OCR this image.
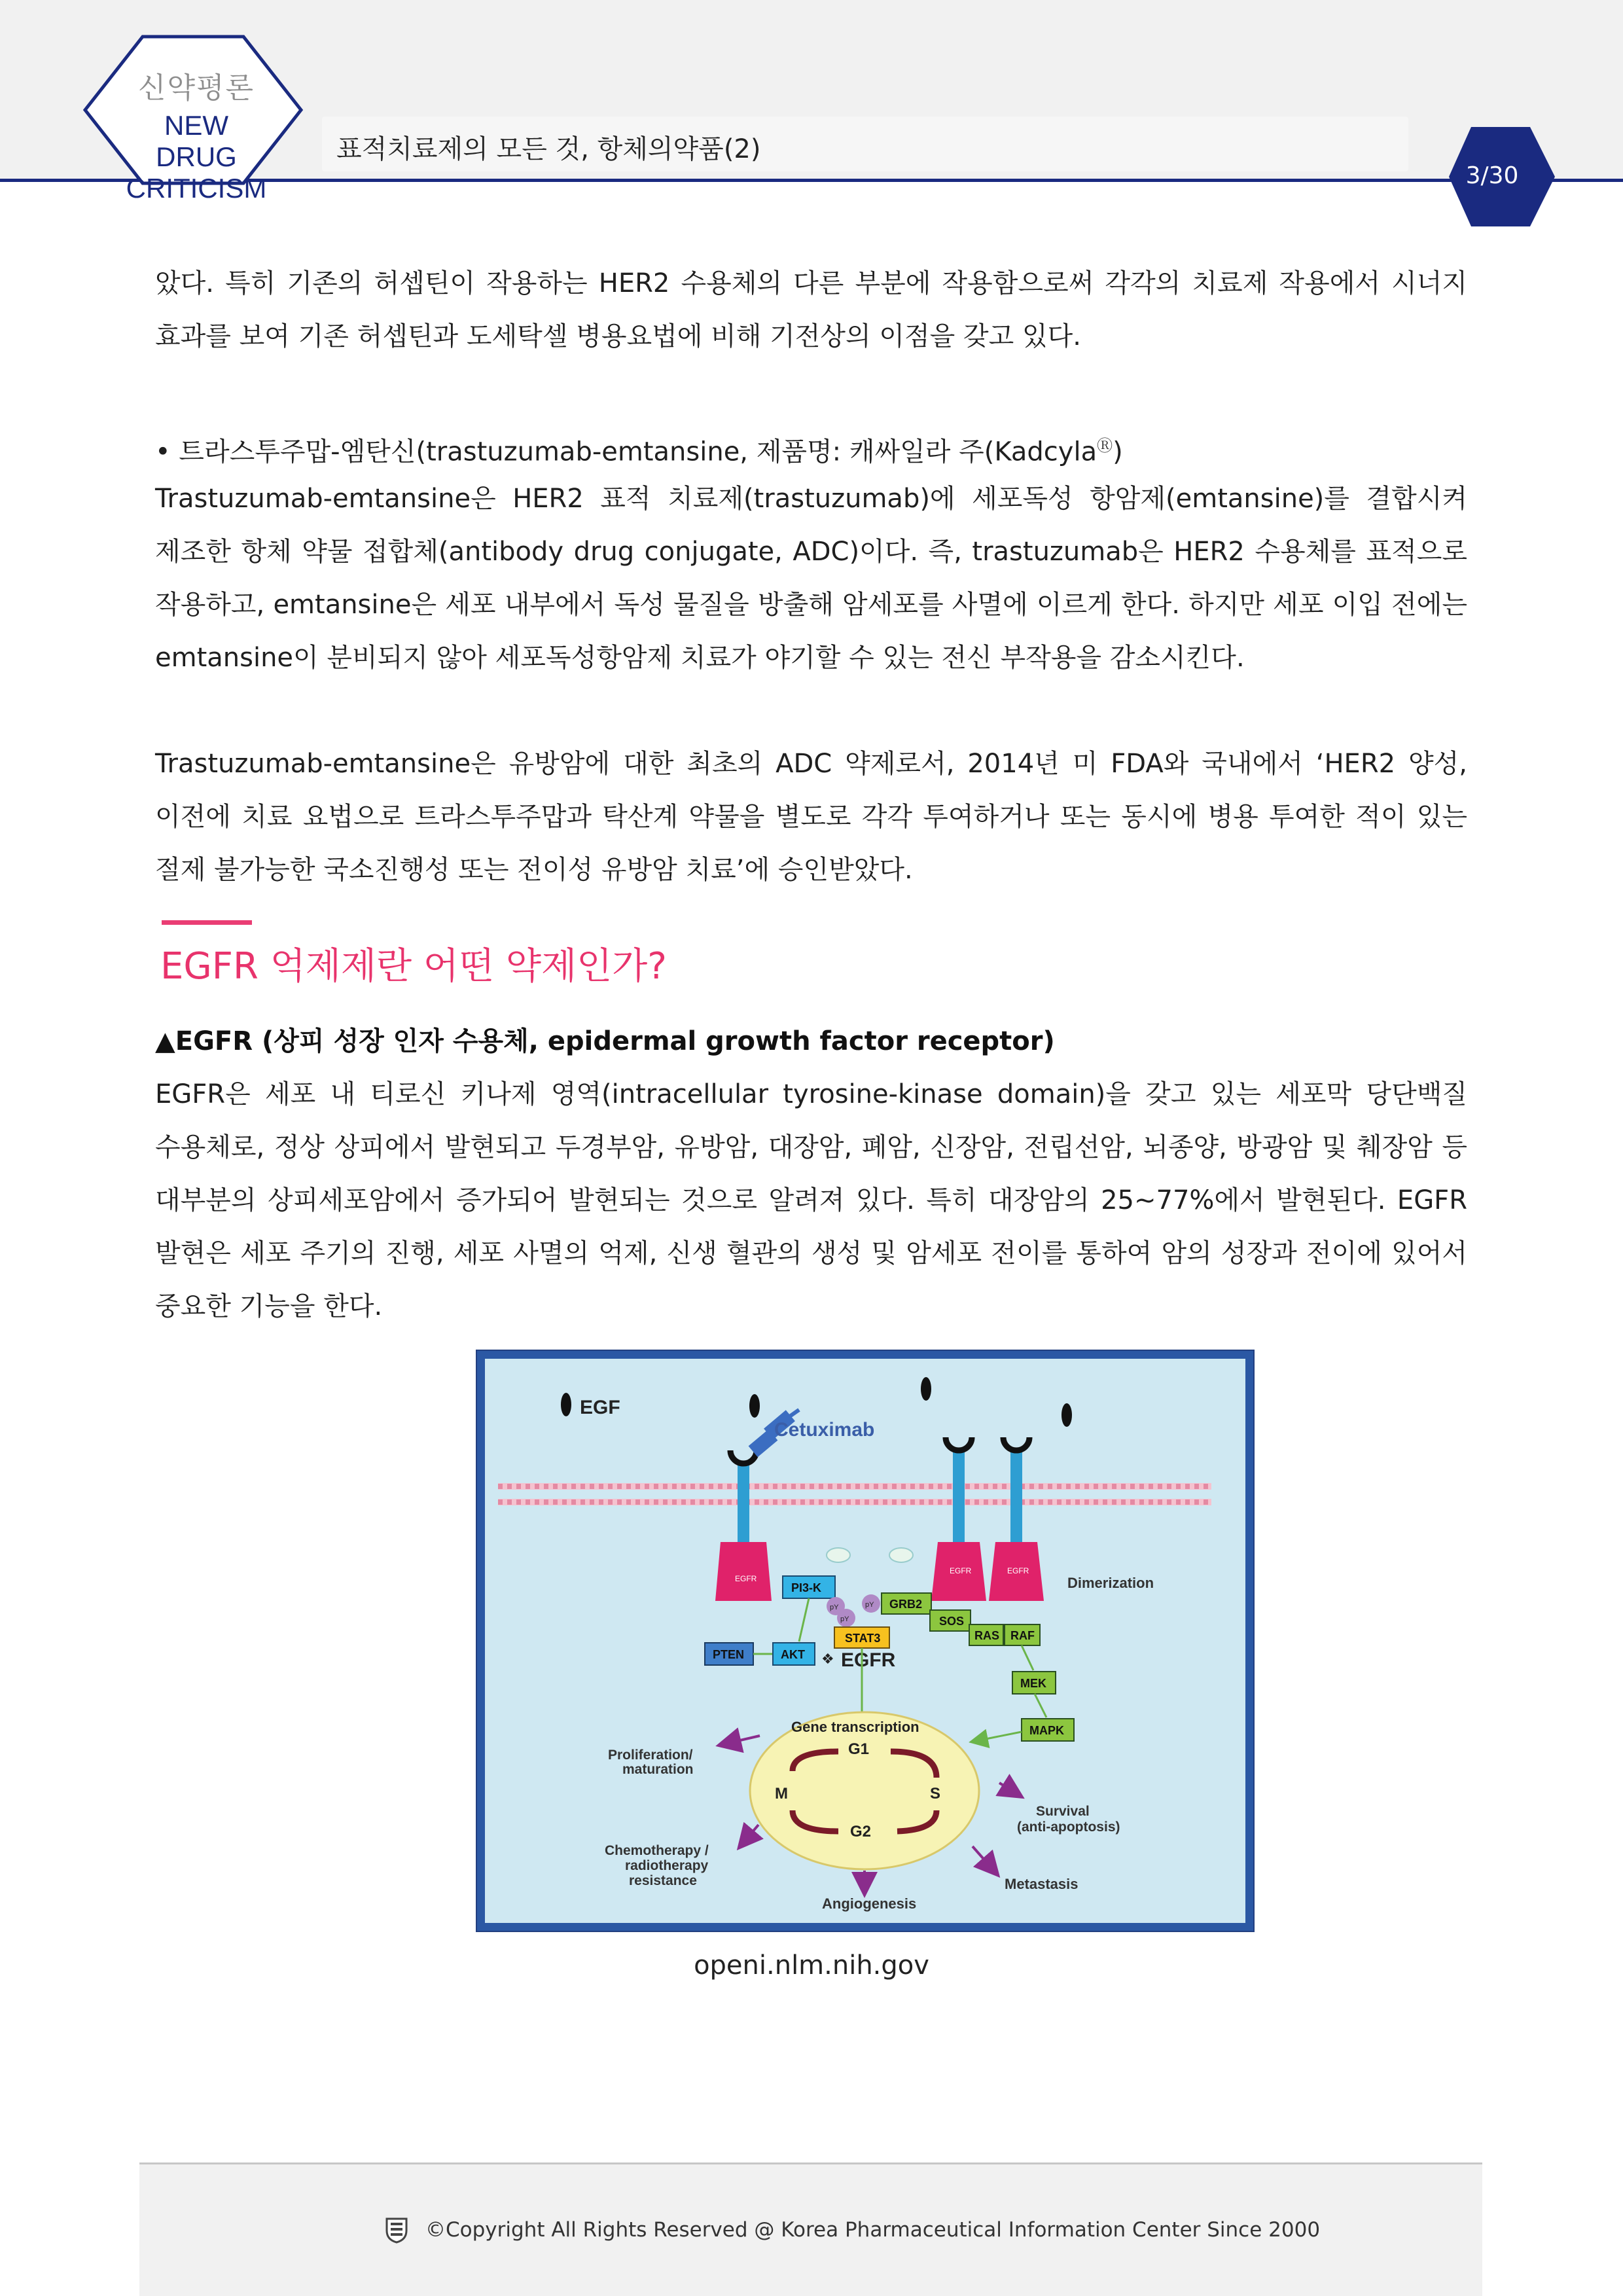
신약평론
NEW DRUG
CRITICISM
표적치료제의 모든 것, 항체의약품(2)
3/30

았다. 특히 기존의 허셉틴이 작용하는 HER2 수용체의 다른 부분에 작용함으로써 각각의 치료제 작용에서 시너지 효과를 보여 기존 허셉틴과 도세탁셀 병용요법에 비해 기전상의 이점을 갖고 있다.

• 트라스투주맙-엠탄신(trastuzumab-emtansine, 제품명: 캐싸일라 주(KadcylaⓇ)

Trastuzumab-emtansine은 HER2 표적 치료제(trastuzumab)에 세포독성 항암제(emtansine)를 결합시켜 제조한 항체 약물 접합체(antibody drug conjugate, ADC)이다. 즉, trastuzumab은 HER2 수용체를 표적으로 작용하고, emtansine은 세포 내부에서 독성 물질을 방출해 암세포를 사멸에 이르게 한다. 하지만 세포 이입 전에는 emtansine이 분비되지 않아 세포독성항암제 치료가 야기할 수 있는 전신 부작용을 감소시킨다.

Trastuzumab-emtansine은 유방암에 대한 최초의 ADC 약제로서, 2014년 미 FDA와 국내에서 ‘HER2 양성, 이전에 치료 요법으로 트라스투주맙과 탁산계 약물을 별도로 각각 투여하거나 또는 동시에 병용 투여한 적이 있는 절제 불가능한 국소진행성 또는 전이성 유방암 치료’에 승인받았다.

EGFR 억제제란 어떤 약제인가?
▲EGFR (상피 성장 인자 수용체, epidermal growth factor receptor)

EGFR은 세포 내 티로신 키나제 영역(intracellular tyrosine-kinase domain)을 갖고 있는 세포막 당단백질 수용체로, 정상 상피에서 발현되고 두경부암, 유방암, 대장암, 폐암, 신장암, 전립선암, 뇌종양, 방광암 및 췌장암 등 대부분의 상피세포암에서 증가되어 발현되는 것으로 알려져 있다. 특히 대장암의 25~77%에서 발현된다. EGFR 발현은 세포 주기의 진행, 세포 사멸의 억제, 신생 혈관의 생성 및 암세포 전이를 통하여 암의 성장과 전이에 있어서 중요한 기능을 한다.

EGF
EGFR
Cetuximab
EGFR	EGFR
Dimerization
PI3-K
pY
pY
pY GRB2
SOS
STAT3	RAS RAF
PTEN	AKT ❖ EGFR
MEK
MAPK
Gene transcription
G1
M	S
G2
Proliferation/
maturation
Survival
(anti-apoptosis)
Chemotherapy /
radiotherapy
resistance
Angiogenesis
Metastasis
openi.nlm.nih.gov
©Copyright All Rights Reserved @ Korea Pharmaceutical Information Center Since 2000
